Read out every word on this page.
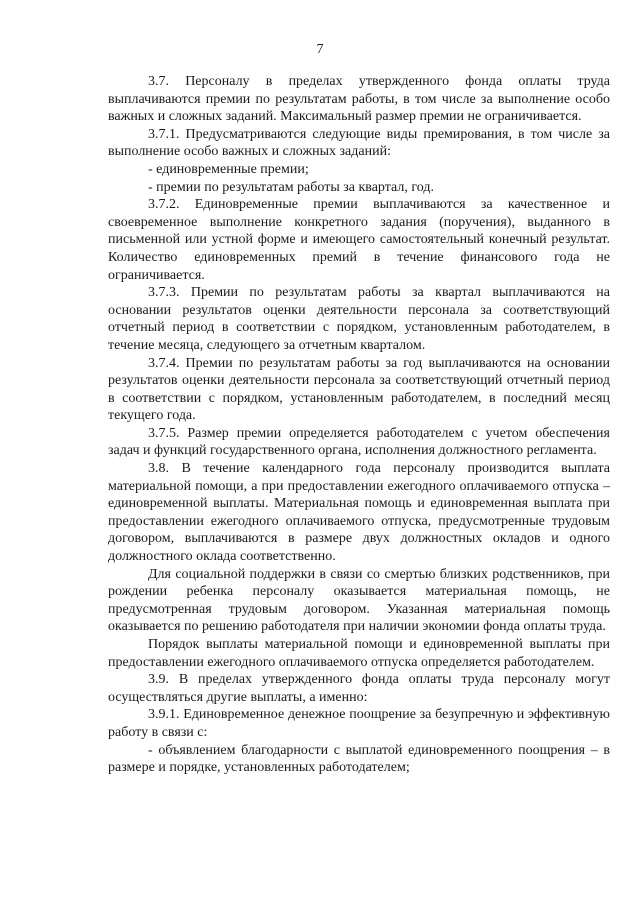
7

3.7. Персоналу в пределах утвержденного фонда оплаты труда выплачиваются премии по результатам работы, в том числе за выполнение особо важных и сложных заданий. Максимальный размер премии не ограничивается.

3.7.1. Предусматриваются следующие виды премирования, в том числе за выполнение особо важных и сложных заданий:

- единовременные премии;

- премии по результатам работы за квартал, год.

3.7.2. Единовременные премии выплачиваются за качественное и своевременное выполнение конкретного задания (поручения), выданного в письменной или устной форме и имеющего самостоятельный конечный результат. Количество единовременных премий в течение финансового года не ограничивается.

3.7.3. Премии по результатам работы за квартал выплачиваются на основании результатов оценки деятельности персонала за соответствующий отчетный период в соответствии с порядком, установленным работодателем, в течение месяца, следующего за отчетным кварталом.

3.7.4. Премии по результатам работы за год выплачиваются на основании результатов оценки деятельности персонала за соответствующий отчетный период в соответствии с порядком, установленным работодателем, в последний месяц текущего года.

3.7.5. Размер премии определяется работодателем с учетом обеспечения задач и функций государственного органа, исполнения должностного регламента.

3.8. В течение календарного года персоналу производится выплата материальной помощи, а при предоставлении ежегодного оплачиваемого отпуска – единовременной выплаты. Материальная помощь и единовременная выплата при предоставлении ежегодного оплачиваемого отпуска, предусмотренные трудовым договором, выплачиваются в размере двух должностных окладов и одного должностного оклада соответственно.

Для социальной поддержки в связи со смертью близких родственников, при рождении ребенка персоналу оказывается материальная помощь, не предусмотренная трудовым договором. Указанная материальная помощь оказывается по решению работодателя при наличии экономии фонда оплаты труда.

Порядок выплаты материальной помощи и единовременной выплаты при предоставлении ежегодного оплачиваемого отпуска определяется работодателем.

3.9. В пределах утвержденного фонда оплаты труда персоналу могут осуществляться другие выплаты, а именно:

3.9.1. Единовременное денежное поощрение за безупречную и эффективную работу в связи с:

- объявлением благодарности с выплатой единовременного поощрения – в размере и порядке, установленных работодателем;
